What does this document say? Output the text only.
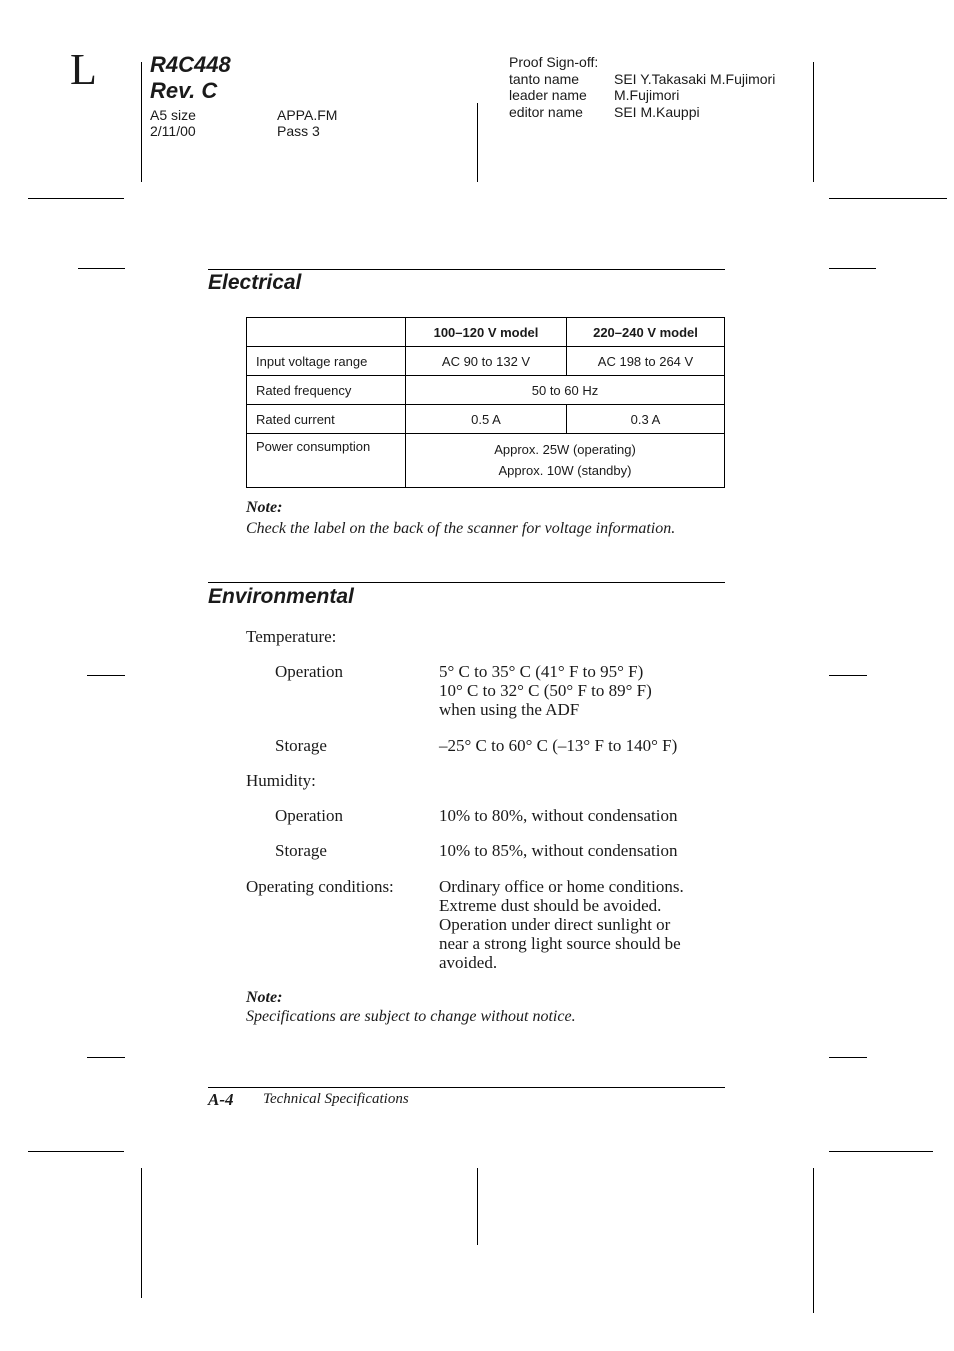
L R4C448
Rev. C
A5 size
2/11/00
APPA.FM
Pass 3
Proof Sign-off:
tanto name SEI Y.Takasaki M.Fujimori
leader name M.Fujimori
editor name SEI M.Kauppi
Electrical
	100–120 V model	220–240 V model
Input voltage range	AC 90 to 132 V	AC 198 to 264 V
Rated frequency	50 to 60 Hz	
Rated current	0.5 A	0.3 A
Power consumption	Approx. 25W (operating)
Approx. 10W (standby)	
Note:
Check the label on the back of the scanner for voltage information.
Environmental
Temperature:
Operation	5° C to 35° C (41° F to 95° F)
10° C to 32° C (50° F to 89° F)
when using the ADF
Storage	–25° C to 60° C (–13° F to 140° F)
Humidity:
Operation	10% to 80%, without condensation
Storage	10% to 85%, without condensation
Operating conditions:	Ordinary office or home conditions.
Extreme dust should be avoided.
Operation under direct sunlight or
near a strong light source should be
avoided.
Note:
Specifications are subject to change without notice.
A-4 Technical Specifications
